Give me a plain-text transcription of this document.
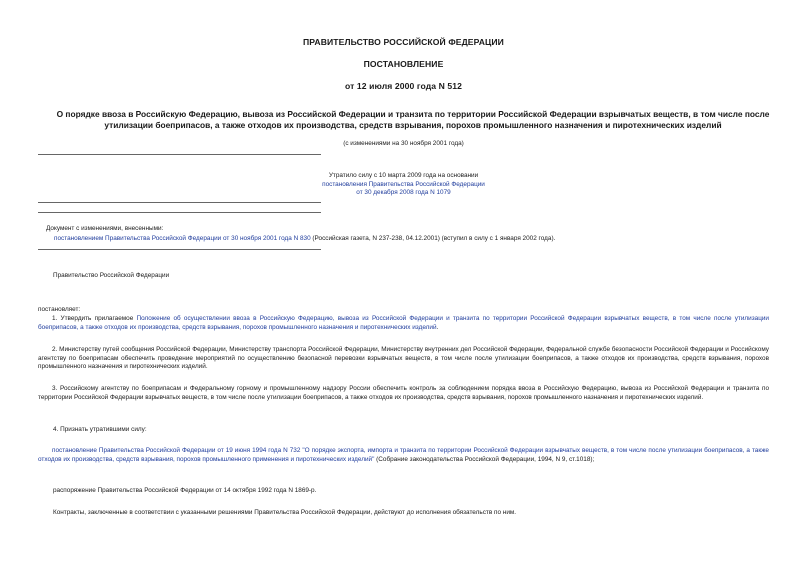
ПРАВИТЕЛЬСТВО РОССИЙСКОЙ ФЕДЕРАЦИИ
ПОСТАНОВЛЕНИЕ
от 12 июля 2000 года N 512
О порядке ввоза в Российскую Федерацию, вывоза из Российской Федерации и транзита по территории Российской Федерации взрывчатых веществ, в том числе после утилизации боеприпасов, а также отходов их производства, средств взрывания, порохов промышленного назначения и пиротехнических изделий
(с изменениями на 30 ноября 2001 года)
Утратило силу с 10 марта 2009 года на основании
постановления Правительства Российской Федерации
от 30 декабря 2008 года N 1079
Документ с изменениями, внесенными:
постановлением Правительства Российской Федерации от 30 ноября 2001 года N 830 (Российская газета, N 237-238, 04.12.2001) (вступил в силу с 1 января 2002 года).
Правительство Российской Федерации
постановляет:
1. Утвердить прилагаемое Положение об осуществлении ввоза в Российскую Федерацию, вывоза из Российской Федерации и транзита по территории Российской Федерации взрывчатых веществ, в том числе после утилизации боеприпасов, а также отходов их производства, средств взрывания, порохов промышленного назначения и пиротехнических изделий.
2. Министерству путей сообщения Российской Федерации, Министерству транспорта Российской Федерации, Министерству внутренних дел Российской Федерации, Федеральной службе безопасности Российской Федерации и Российскому агентству по боеприпасам обеспечить проведение мероприятий по осуществлению безопасной перевозки взрывчатых веществ, в том числе после утилизации боеприпасов, а также отходов их производства, средств взрывания, порохов промышленного назначения и пиротехнических изделий.
3. Российскому агентству по боеприпасам и Федеральному горному и промышленному надзору России обеспечить контроль за соблюдением порядка ввоза в Российскую Федерацию, вывоза из Российской Федерации и транзита по территории Российской Федерации взрывчатых веществ, в том числе после утилизации боеприпасов, а также отходов их производства, средств взрывания, порохов промышленного назначения и пиротехнических изделий.
4. Признать утратившими силу:
постановление Правительства Российской Федерации от 19 июня 1994 года N 732 "О порядке экспорта, импорта и транзита по территории Российской Федерации взрывчатых веществ, в том числе после утилизации боеприпасов, а также отходов их производства, средств взрывания, порохов промышленного применения и пиротехнических изделий" (Собрание законодательства Российской Федерации, 1994, N 9, ст.1018);
распоряжение Правительства Российской Федерации от 14 октября 1992 года N 1869-р.
Контракты, заключенные в соответствии с указанными решениями Правительства Российской Федерации, действуют до исполнения обязательств по ним.
